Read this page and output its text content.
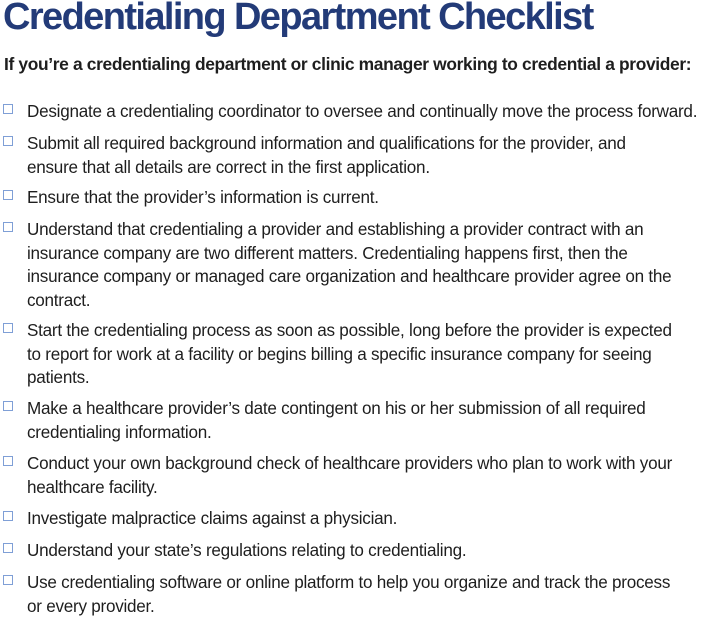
Credentialing Department Checklist

If you’re a credentialing department or clinic manager working to credential a provider:

Designate a credentialing coordinator to oversee and continually move the process forward.
Submit all required background information and qualifications for the provider, and
ensure that all details are correct in the first application.
Ensure that the provider’s information is current.
Understand that credentialing a provider and establishing a provider contract with an
insurance company are two different matters. Credentialing happens first, then the
insurance company or managed care organization and healthcare provider agree on the
contract.
Start the credentialing process as soon as possible, long before the provider is expected
to report for work at a facility or begins billing a specific insurance company for seeing
patients.
Make a healthcare provider’s date contingent on his or her submission of all required
credentialing information.
Conduct your own background check of healthcare providers who plan to work with your
healthcare facility.
Investigate malpractice claims against a physician.
Understand your state’s regulations relating to credentialing.
Use credentialing software or online platform to help you organize and track the process
or every provider.
